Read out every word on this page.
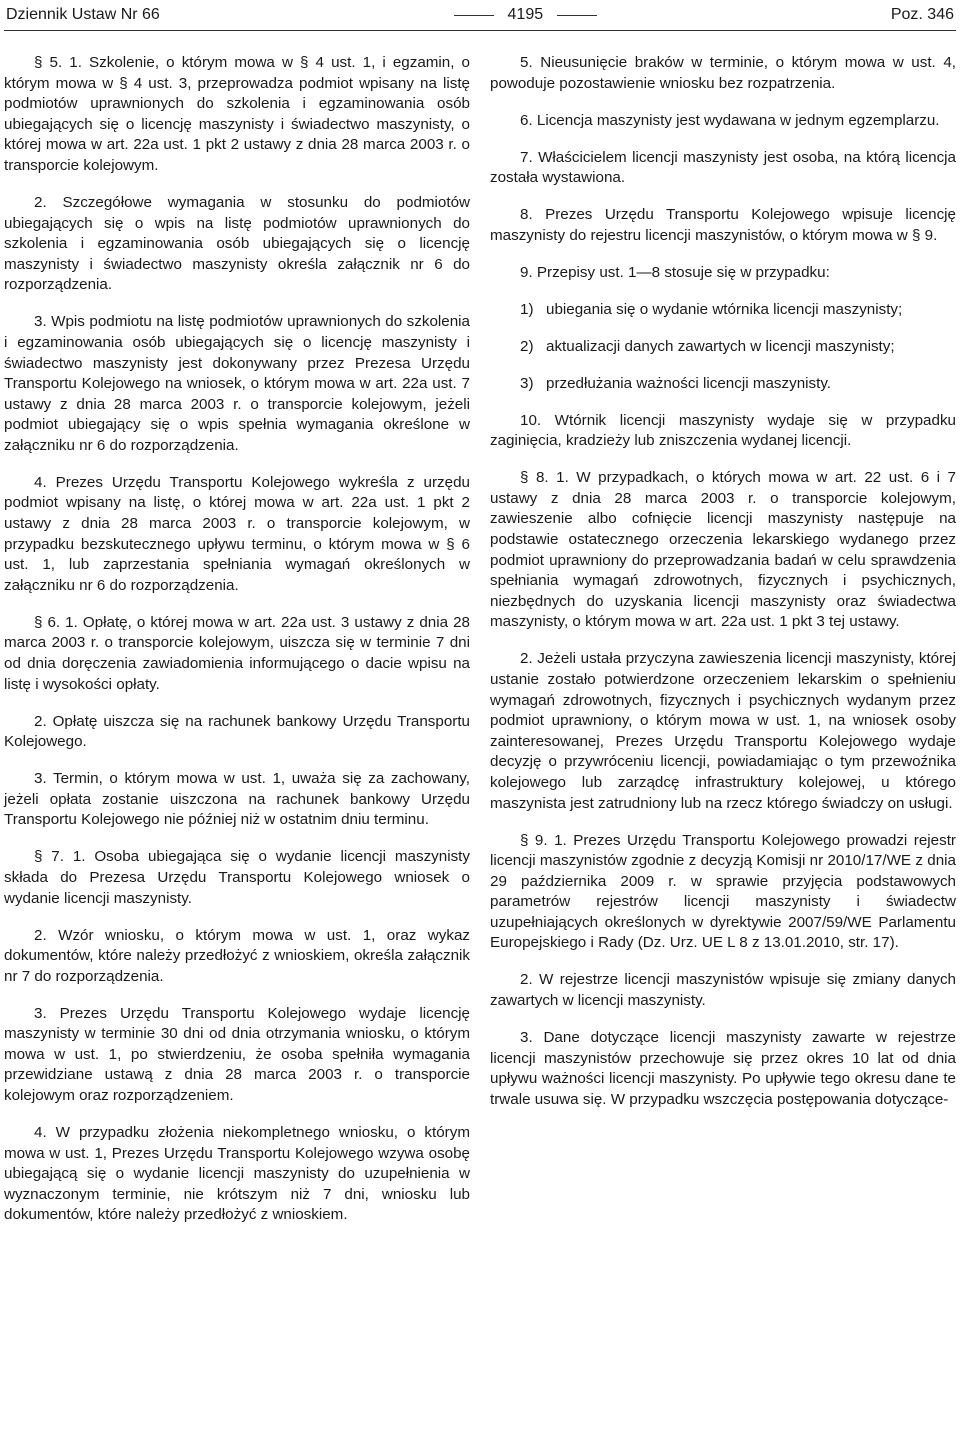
Dziennik Ustaw Nr 66	4195	Poz. 346

§ 5. 1. Szkolenie, o którym mowa w § 4 ust. 1, i egzamin, o którym mowa w § 4 ust. 3, przeprowadza podmiot wpisany na listę podmiotów uprawnionych do szkolenia i egzaminowania osób ubiegających się o licencję maszynisty i świadectwo maszynisty, o której mowa w art. 22a ust. 1 pkt 2 ustawy z dnia 28 marca 2003 r. o transporcie kolejowym.

2. Szczegółowe wymagania w stosunku do podmiotów ubiegających się o wpis na listę podmiotów uprawnionych do szkolenia i egzaminowania osób ubiegających się o licencję maszynisty i świadectwo maszynisty określa załącznik nr 6 do rozporządzenia.

3. Wpis podmiotu na listę podmiotów uprawnionych do szkolenia i egzaminowania osób ubiegających się o licencję maszynisty i świadectwo maszynisty jest dokonywany przez Prezesa Urzędu Transportu Kolejowego na wniosek, o którym mowa w art. 22a ust. 7 ustawy z dnia 28 marca 2003 r. o transporcie kolejowym, jeżeli podmiot ubiegający się o wpis spełnia wymagania określone w załączniku nr 6 do rozporządzenia.

4. Prezes Urzędu Transportu Kolejowego wykreśla z urzędu podmiot wpisany na listę, o której mowa w art. 22a ust. 1 pkt 2 ustawy z dnia 28 marca 2003 r. o transporcie kolejowym, w przypadku bezskutecznego upływu terminu, o którym mowa w § 6 ust. 1, lub zaprzestania spełniania wymagań określonych w załączniku nr 6 do rozporządzenia.

§ 6. 1. Opłatę, o której mowa w art. 22a ust. 3 ustawy z dnia 28 marca 2003 r. o transporcie kolejowym, uiszcza się w terminie 7 dni od dnia doręczenia zawiadomienia informującego o dacie wpisu na listę i wysokości opłaty.

2. Opłatę uiszcza się na rachunek bankowy Urzędu Transportu Kolejowego.

3. Termin, o którym mowa w ust. 1, uważa się za zachowany, jeżeli opłata zostanie uiszczona na rachunek bankowy Urzędu Transportu Kolejowego nie później niż w ostatnim dniu terminu.

§ 7. 1. Osoba ubiegająca się o wydanie licencji maszynisty składa do Prezesa Urzędu Transportu Kolejowego wniosek o wydanie licencji maszynisty.

2. Wzór wniosku, o którym mowa w ust. 1, oraz wykaz dokumentów, które należy przedłożyć z wnioskiem, określa załącznik nr 7 do rozporządzenia.

3. Prezes Urzędu Transportu Kolejowego wydaje licencję maszynisty w terminie 30 dni od dnia otrzymania wniosku, o którym mowa w ust. 1, po stwierdzeniu, że osoba spełniła wymagania przewidziane ustawą z dnia 28 marca 2003 r. o transporcie kolejowym oraz rozporządzeniem.

4. W przypadku złożenia niekompletnego wniosku, o którym mowa w ust. 1, Prezes Urzędu Transportu Kolejowego wzywa osobę ubiegającą się o wydanie licencji maszynisty do uzupełnienia w wyznaczonym terminie, nie krótszym niż 7 dni, wniosku lub dokumentów, które należy przedłożyć z wnioskiem.

5. Nieusunięcie braków w terminie, o którym mowa w ust. 4, powoduje pozostawienie wniosku bez rozpatrzenia.

6. Licencja maszynisty jest wydawana w jednym egzemplarzu.

7. Właścicielem licencji maszynisty jest osoba, na którą licencja została wystawiona.

8. Prezes Urzędu Transportu Kolejowego wpisuje licencję maszynisty do rejestru licencji maszynistów, o którym mowa w § 9.

9. Przepisy ust. 1—8 stosuje się w przypadku:

1) ubiegania się o wydanie wtórnika licencji maszynisty;
2) aktualizacji danych zawartych w licencji maszynisty;
3) przedłużania ważności licencji maszynisty.

10. Wtórnik licencji maszynisty wydaje się w przypadku zaginięcia, kradzieży lub zniszczenia wydanej licencji.

§ 8. 1. W przypadkach, o których mowa w art. 22 ust. 6 i 7 ustawy z dnia 28 marca 2003 r. o transporcie kolejowym, zawieszenie albo cofnięcie licencji maszynisty następuje na podstawie ostatecznego orzeczenia lekarskiego wydanego przez podmiot uprawniony do przeprowadzania badań w celu sprawdzenia spełniania wymagań zdrowotnych, fizycznych i psychicznych, niezbędnych do uzyskania licencji maszynisty oraz świadectwa maszynisty, o którym mowa w art. 22a ust. 1 pkt 3 tej ustawy.

2. Jeżeli ustała przyczyna zawieszenia licencji maszynisty, której ustanie zostało potwierdzone orzeczeniem lekarskim o spełnieniu wymagań zdrowotnych, fizycznych i psychicznych wydanym przez podmiot uprawniony, o którym mowa w ust. 1, na wniosek osoby zainteresowanej, Prezes Urzędu Transportu Kolejowego wydaje decyzję o przywróceniu licencji, powiadamiając o tym przewoźnika kolejowego lub zarządcę infrastruktury kolejowej, u którego maszynista jest zatrudniony lub na rzecz którego świadczy on usługi.

§ 9. 1. Prezes Urzędu Transportu Kolejowego prowadzi rejestr licencji maszynistów zgodnie z decyzją Komisji nr 2010/17/WE z dnia 29 października 2009 r. w sprawie przyjęcia podstawowych parametrów rejestrów licencji maszynisty i świadectw uzupełniających określonych w dyrektywie 2007/59/WE Parlamentu Europejskiego i Rady (Dz. Urz. UE L 8 z 13.01.2010, str. 17).

2. W rejestrze licencji maszynistów wpisuje się zmiany danych zawartych w licencji maszynisty.

3. Dane dotyczące licencji maszynisty zawarte w rejestrze licencji maszynistów przechowuje się przez okres 10 lat od dnia upływu ważności licencji maszynisty. Po upływie tego okresu dane te trwale usuwa się. W przypadku wszczęcia postępowania dotyczące-
